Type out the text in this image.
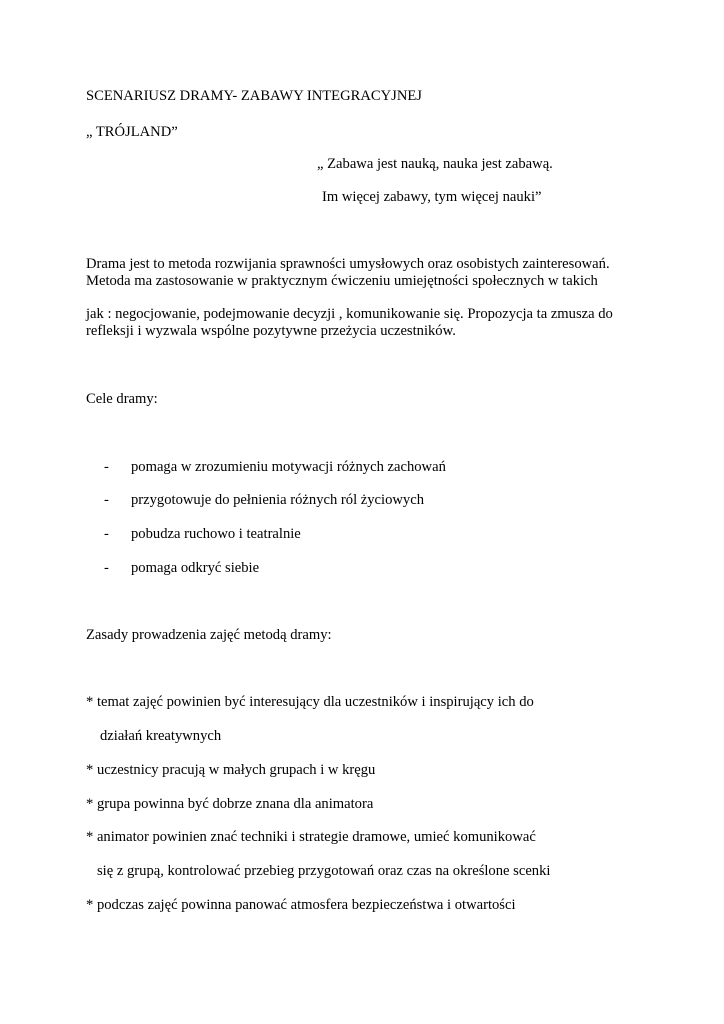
SCENARIUSZ DRAMY- ZABAWY INTEGRACYJNEJ

„ TRÓJLAND”

„ Zabawa jest nauką, nauka jest zabawą.

Im więcej zabawy, tym więcej nauki”

Drama jest to metoda rozwijania sprawności umysłowych oraz osobistych zainteresowań.

Metoda ma zastosowanie w praktycznym ćwiczeniu umiejętności społecznych w takich

jak : negocjowanie, podejmowanie decyzji , komunikowanie się. Propozycja ta zmusza do

refleksji i wyzwala wspólne pozytywne przeżycia uczestników.

Cele dramy:

- pomaga w zrozumieniu motywacji różnych zachowań

- przygotowuje do pełnienia różnych ról życiowych

- pobudza ruchowo i teatralnie

- pomaga odkryć siebie

Zasady prowadzenia zajęć metodą dramy:

* temat zajęć powinien być interesujący dla uczestników i inspirujący ich do

działań kreatywnych

* uczestnicy pracują w małych grupach i w kręgu

* grupa powinna być dobrze znana dla animatora

* animator powinien znać techniki i strategie dramowe, umieć komunikować

się z grupą, kontrolować przebieg przygotowań oraz czas na określone scenki

* podczas zajęć powinna panować atmosfera bezpieczeństwa i otwartości
